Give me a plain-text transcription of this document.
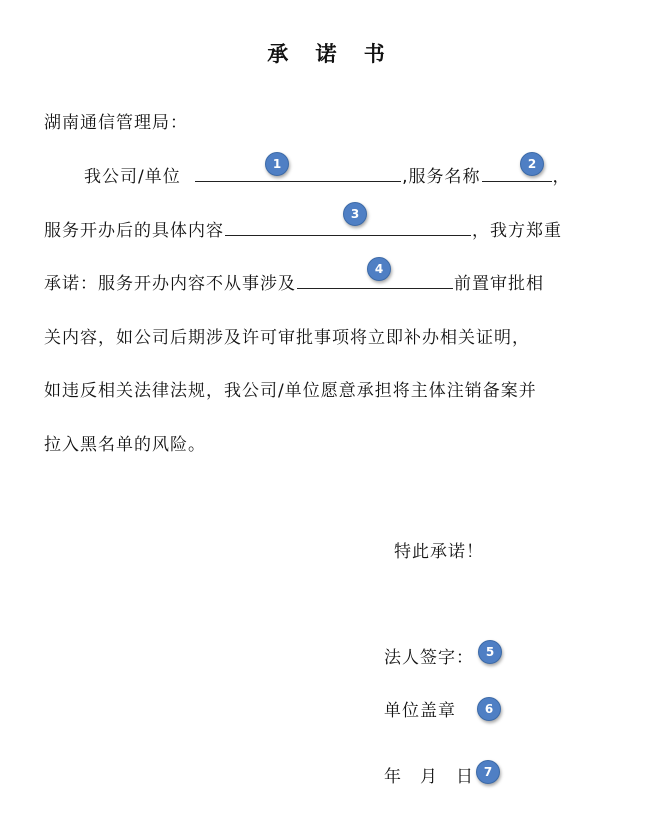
承 诺 书
湖南通信管理局：
我公司/单位	,服务名称	，
服务开办后的具体内容	，我方郑重
承诺：服务开办内容不从事涉及	前置审批相
关内容，如公司后期涉及许可审批事项将立即补办相关证明，
如违反相关法律法规，我公司/单位愿意承担将主体注销备案并
拉入黑名单的风险。
特此承诺！
法人签字：
单位盖章
年　月　日
1	2
3
4
5
6
7
